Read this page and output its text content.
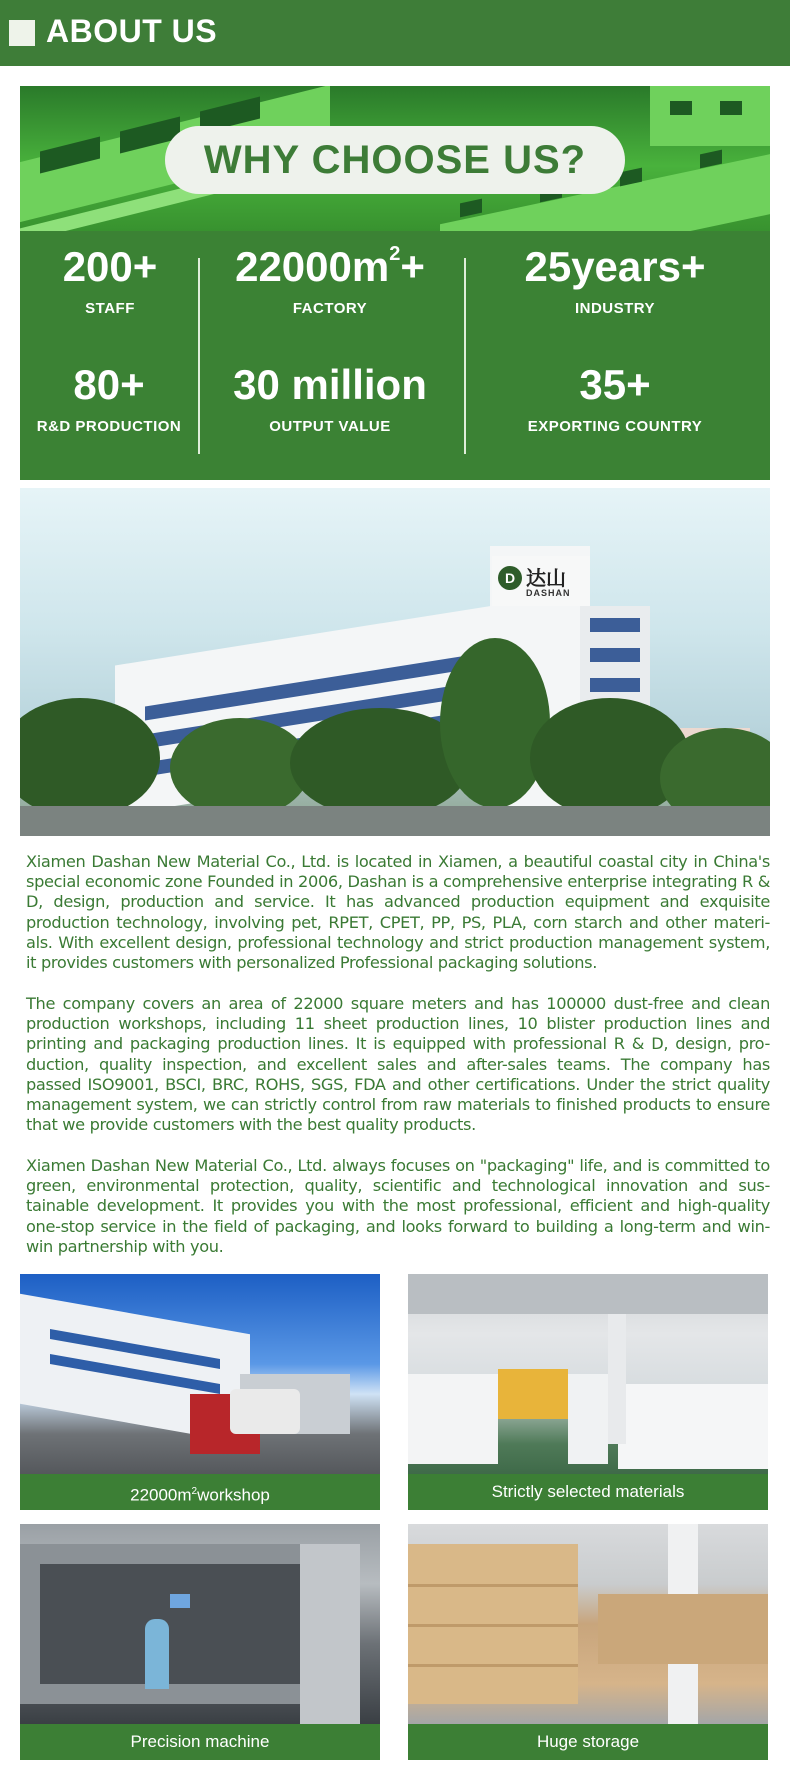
ABOUT US
WHY CHOOSE US?
200+
STAFF
$22000m^2+$
FACTORY
25years+
INDUSTRY
80+
R&D PRODUCTION
30 million
OUTPUT VALUE
35+
EXPORTING COUNTRY
D 达山
DASHAN

Xiamen Dashan New Material Co., Ltd. is located in Xiamen, a beautiful coastal city in China's special economic zone Founded in 2006, Dashan is a comprehensive enterprise integrating R & D, design, production and service. It has advanced production equipment and exquisite production technology, involving pet, RPET, CPET, PP, PS, PLA, corn starch and other materi-als. With excellent design, professional technology and strict production management system, it provides customers with personalized Professional packaging solutions.

The company covers an area of 22000 square meters and has 100000 dust-free and clean production workshops, including 11 sheet production lines, 10 blister production lines and printing and packaging production lines. It is equipped with professional R & D, design, pro-duction, quality inspection, and excellent sales and after-sales teams. The company has passed ISO9001, BSCI, BRC, ROHS, SGS, FDA and other certifications. Under the strict quality management system, we can strictly control from raw materials to finished products to ensure that we provide customers with the best quality products.

Xiamen Dashan New Material Co., Ltd. always focuses on "packaging" life, and is committed to green, environmental protection, quality, scientific and technological innovation and sus-tainable development. It provides you with the most professional, efficient and high-quality one-stop service in the field of packaging, and looks forward to building a long-term and win-win partnership with you.

$22000m^2workshop$	Strictly selected materials
Precision machine	Huge storage
